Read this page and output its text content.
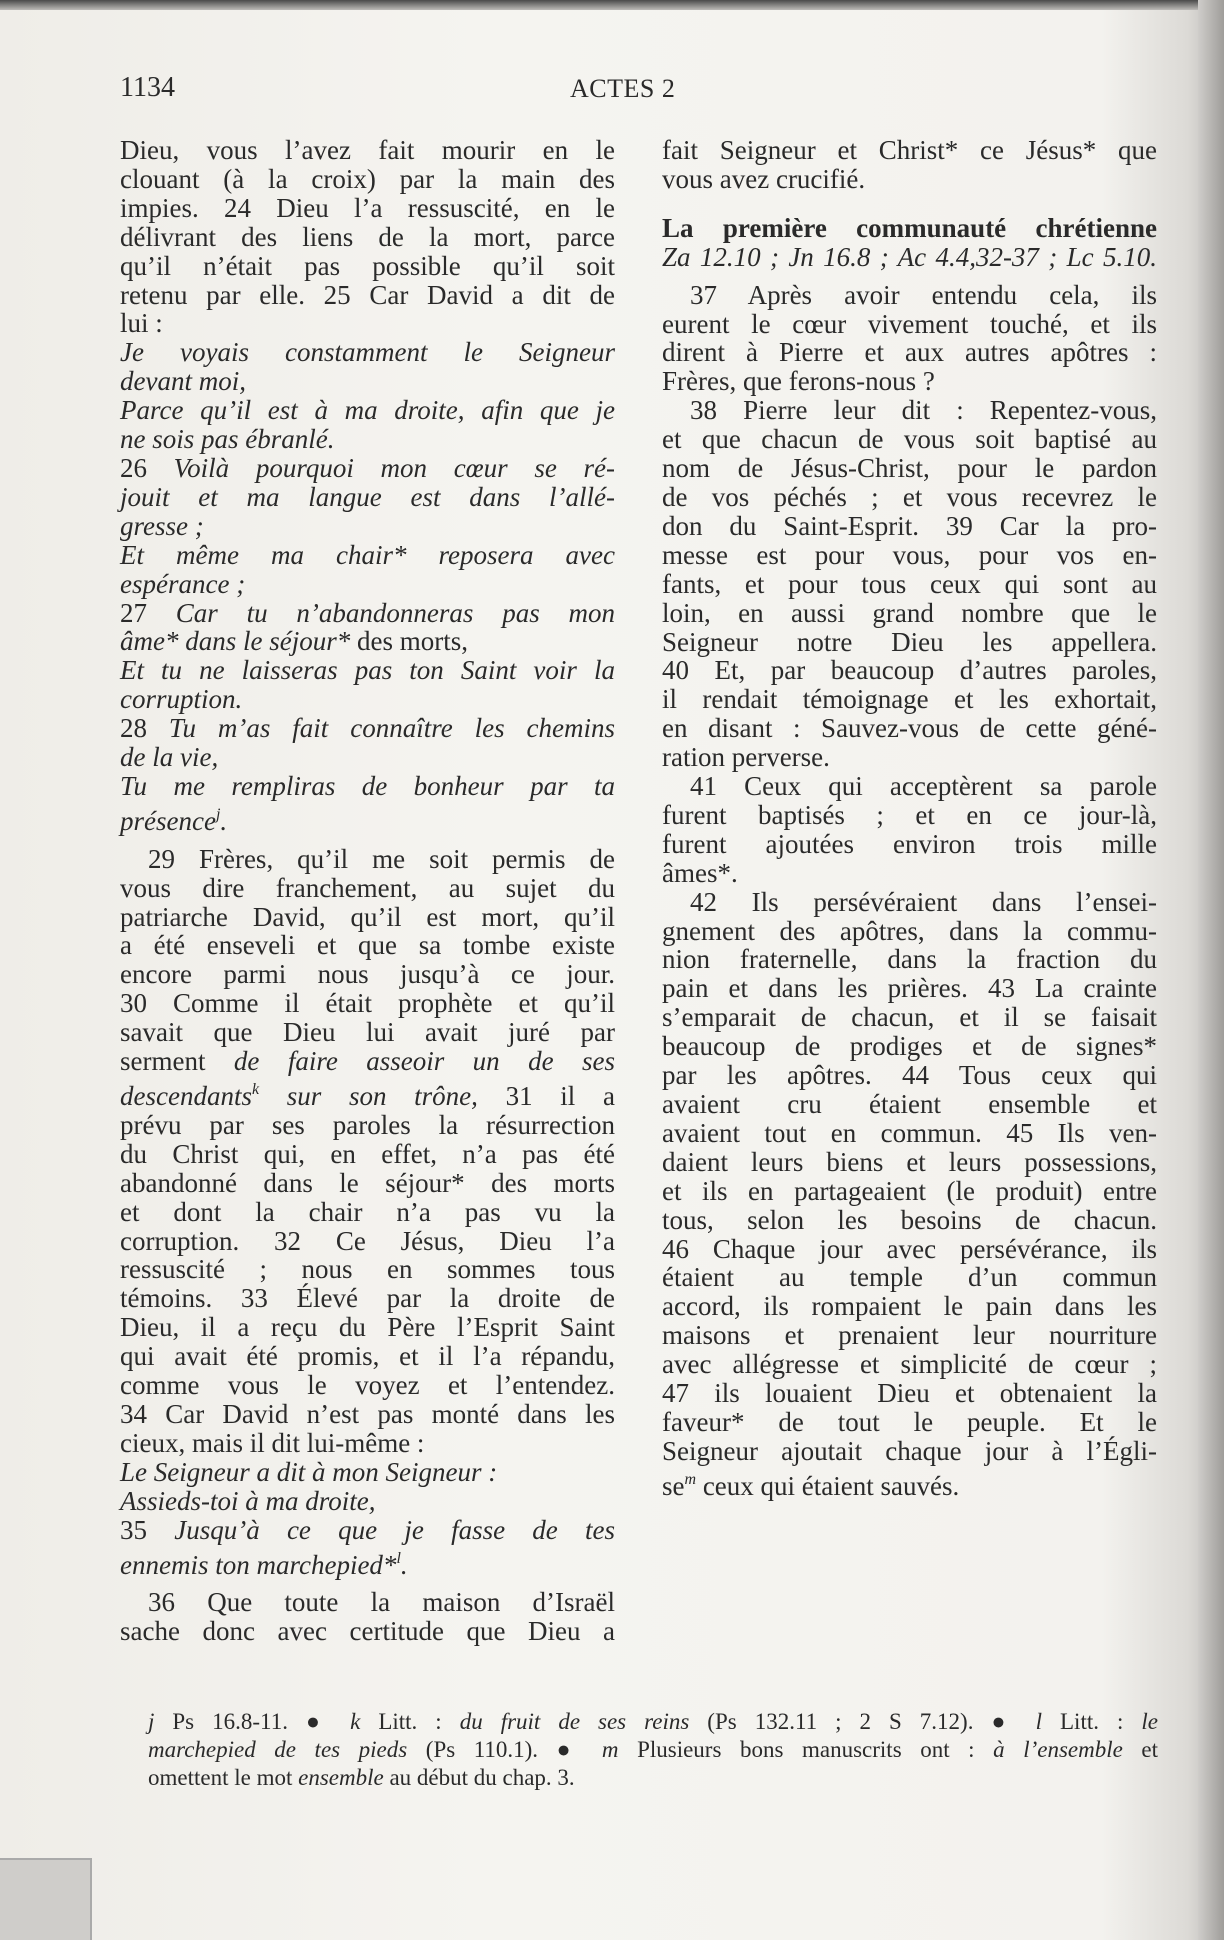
1134	ACTES 2
Dieu, vous l’avez fait mourir en le
clouant (à la croix) par la main des
impies. 24 Dieu l’a ressuscité, en le
délivrant des liens de la mort, parce
qu’il n’était pas possible qu’il soit
retenu par elle. 25 Car David a dit de
lui :
Je voyais constamment le Seigneur
devant moi,
Parce qu’il est à ma droite, afin que je
ne sois pas ébranlé.
26 Voilà pourquoi mon cœur se ré-
jouit et ma langue est dans l’allé-
gresse ;
Et même ma chair* reposera avec
espérance ;
27 Car tu n’abandonneras pas mon
âme* dans le séjour* des morts,
Et tu ne laisseras pas ton Saint voir la
corruption.
28 Tu m’as fait connaître les chemins
de la vie,
Tu me rempliras de bonheur par ta
présence$^j$.
29 Frères, qu’il me soit permis de
vous dire franchement, au sujet du
patriarche David, qu’il est mort, qu’il
a été enseveli et que sa tombe existe
encore parmi nous jusqu’à ce jour.
30 Comme il était prophète et qu’il
savait que Dieu lui avait juré par
serment de faire asseoir un de ses
descendants$^k$ sur son trône, 31 il a
prévu par ses paroles la résurrection
du Christ qui, en effet, n’a pas été
abandonné dans le séjour* des morts
et dont la chair n’a pas vu la
corruption. 32 Ce Jésus, Dieu l’a
ressuscité ; nous en sommes tous
témoins. 33 Élevé par la droite de
Dieu, il a reçu du Père l’Esprit Saint
qui avait été promis, et il l’a répandu,
comme vous le voyez et l’entendez.
34 Car David n’est pas monté dans les
cieux, mais il dit lui-même :
Le Seigneur a dit à mon Seigneur :
Assieds-toi à ma droite,
35 Jusqu’à ce que je fasse de tes
ennemis ton marchepied*$^l$.
36 Que toute la maison d’Israël
sache donc avec certitude que Dieu a
fait Seigneur et Christ* ce Jésus* que
vous avez crucifié.
La première communauté chrétienne
Za 12.10 ; Jn 16.8 ; Ac 4.4,32-37 ; Lc 5.10.
37 Après avoir entendu cela, ils
eurent le cœur vivement touché, et ils
dirent à Pierre et aux autres apôtres :
Frères, que ferons-nous ?
38 Pierre leur dit : Repentez-vous,
et que chacun de vous soit baptisé au
nom de Jésus-Christ, pour le pardon
de vos péchés ; et vous recevrez le
don du Saint-Esprit. 39 Car la pro-
messe est pour vous, pour vos en-
fants, et pour tous ceux qui sont au
loin, en aussi grand nombre que le
Seigneur notre Dieu les appellera.
40 Et, par beaucoup d’autres paroles,
il rendait témoignage et les exhortait,
en disant : Sauvez-vous de cette géné-
ration perverse.
41 Ceux qui acceptèrent sa parole
furent baptisés ; et en ce jour-là,
furent ajoutées environ trois mille
âmes*.
42 Ils persévéraient dans l’ensei-
gnement des apôtres, dans la commu-
nion fraternelle, dans la fraction du
pain et dans les prières. 43 La crainte
s’emparait de chacun, et il se faisait
beaucoup de prodiges et de signes*
par les apôtres. 44 Tous ceux qui
avaient cru étaient ensemble et
avaient tout en commun. 45 Ils ven-
daient leurs biens et leurs possessions,
et ils en partageaient (le produit) entre
tous, selon les besoins de chacun.
46 Chaque jour avec persévérance, ils
étaient au temple d’un commun
accord, ils rompaient le pain dans les
maisons et prenaient leur nourriture
avec allégresse et simplicité de cœur ;
47 ils louaient Dieu et obtenaient la
faveur* de tout le peuple. Et le
Seigneur ajoutait chaque jour à l’Égli-
$se^m$ ceux qui étaient sauvés.
j Ps 16.8-11. ● k Litt. : du fruit de ses reins (Ps 132.11 ; 2 S 7.12). ● l Litt. : le
marchepied de tes pieds (Ps 110.1). ● m Plusieurs bons manuscrits ont : à l’ensemble et
omettent le mot ensemble au début du chap. 3.
